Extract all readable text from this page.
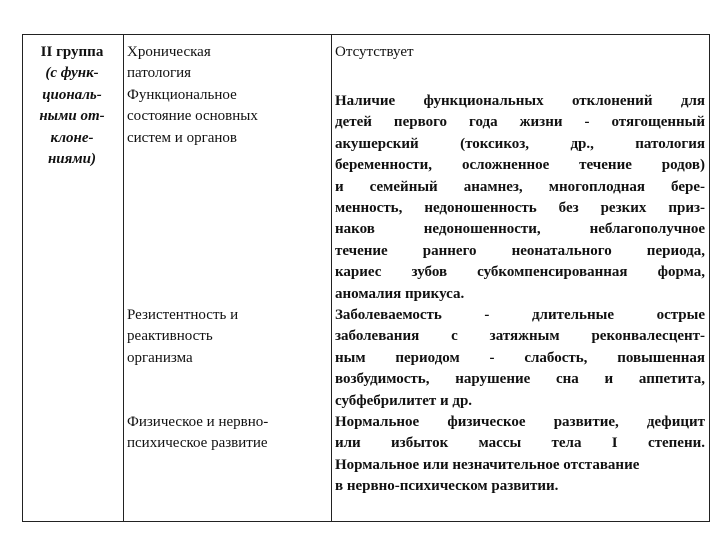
II группа
(с функ-
циональ-
ными от-
клоне-
ниями)
Хроническая
патология
Функциональное
состояние основных
систем и органов
Резистентность и
реактивность
организма
Физическое и нервно-
психическое развитие
Отсутствует
Наличие функциональных отклонений для
детей первого года жизни - отягощенный
акушерский (токсикоз, др., патология
беременности, осложненное течение родов)
и семейный анамнез, многоплодная бере-
менность, недоношенность без резких приз-
наков недоношенности, неблагополучное
течение раннего неонатального периода,
кариес зубов субкомпенсированная форма,
аномалия прикуса.
Заболеваемость - длительные острые
заболевания с затяжным реконвалесцент-
ным периодом - слабость, повышенная
возбудимость, нарушение сна и аппетита,
субфебрилитет и др.
Нормальное физическое развитие, дефицит
или избыток массы тела I степени.
Нормальное или незначительное отставание
в нервно-психическом развитии.
